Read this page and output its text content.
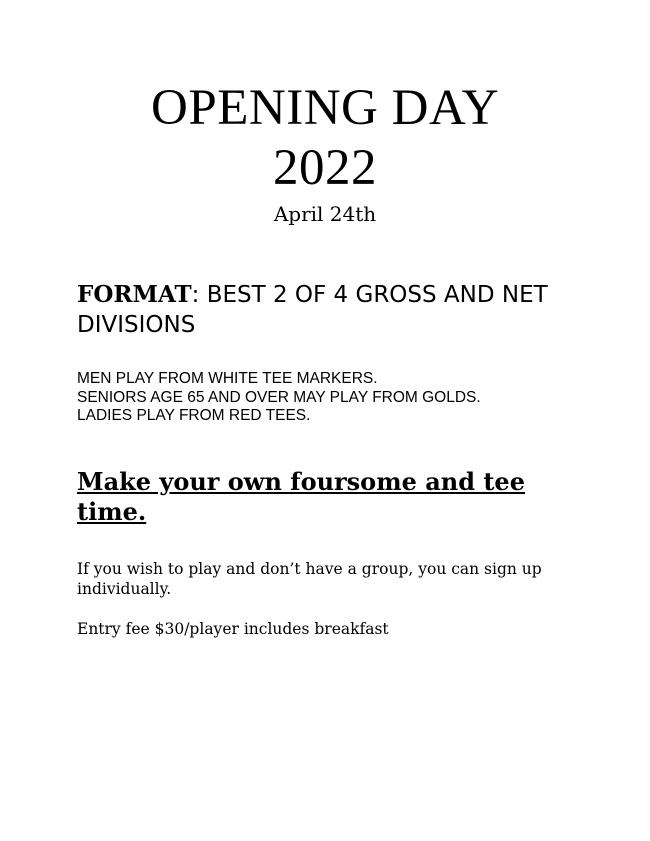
OPENING DAY
2022
April 24th
FORMAT: BEST 2 OF 4 GROSS AND NET DIVISIONS
MEN PLAY FROM WHITE TEE MARKERS.
SENIORS AGE 65 AND OVER MAY PLAY FROM GOLDS.
LADIES PLAY FROM RED TEES.
Make your own foursome and tee time.
If you wish to play and don’t have a group, you can sign up individually.
Entry fee $30/player includes breakfast
